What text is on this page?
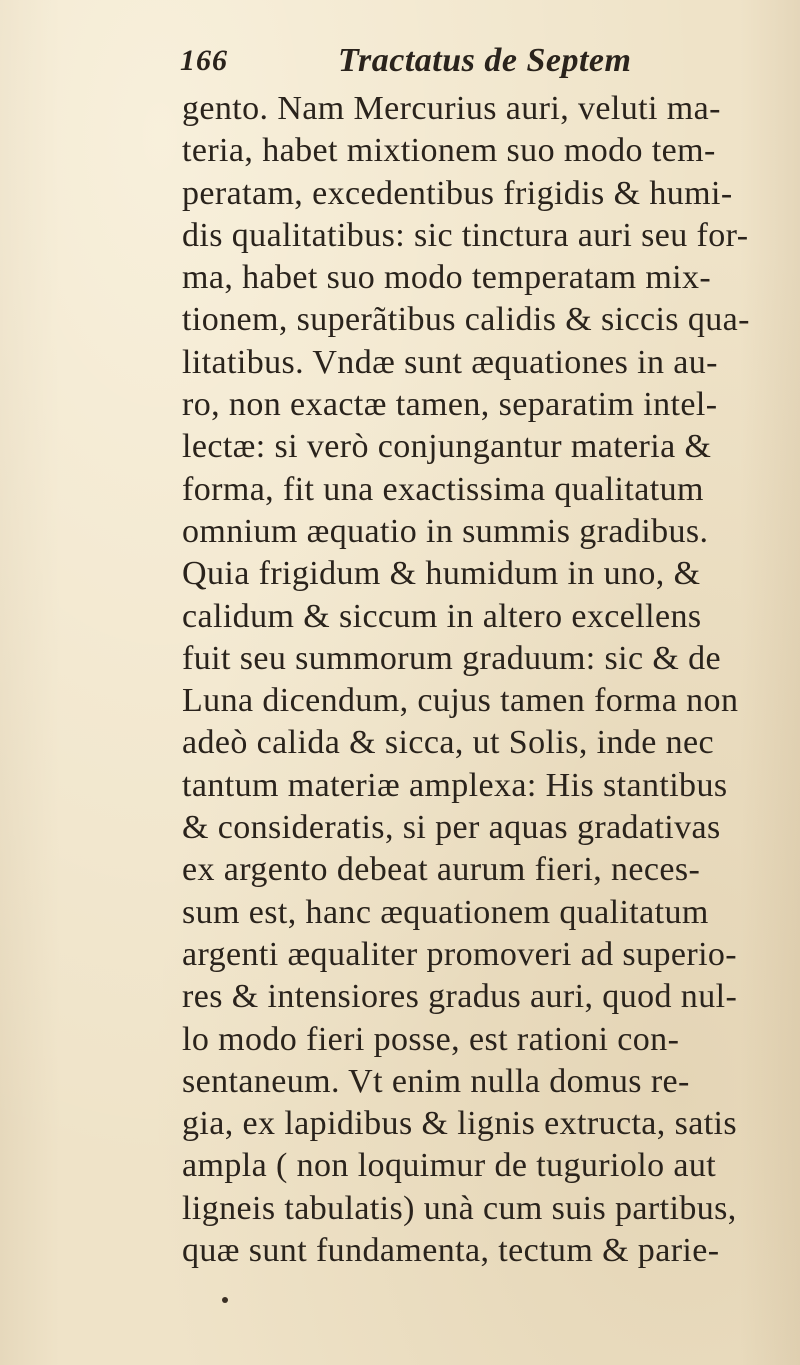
166	Tractatus de Septem
gento. Nam Mercurius auri, veluti ma-
teria, habet mixtionem suo modo tem-
peratam, excedentibus frigidis & humi-
dis qualitatibus: sic tinctura auri seu for-
ma, habet suo modo temperatam mix-
tionem, superãtibus calidis & siccis qua-
litatibus. Vndæ sunt æquationes in au-
ro, non exactæ tamen, separatim intel-
lectæ: si verò conjungantur materia &
forma, fit una exactissima qualitatum
omnium æquatio in summis gradibus.
Quia frigidum & humidum in uno, &
calidum & siccum in altero excellens
fuit seu summorum graduum: sic & de
Luna dicendum, cujus tamen forma non
adeò calida & sicca, ut Solis, inde nec
tantum materiæ amplexa: His stantibus
& consideratis, si per aquas gradativas
ex argento debeat aurum fieri, neces-
sum est, hanc æquationem qualitatum
argenti æqualiter promoveri ad superio-
res & intensiores gradus auri, quod nul-
lo modo fieri posse, est rationi con-
sentaneum. Vt enim nulla domus re-
gia, ex lapidibus & lignis extructa, satis
ampla ( non loquimur de tuguriolo aut
ligneis tabulatis) unà cum suis partibus,
quæ sunt fundamenta, tectum & parie-
